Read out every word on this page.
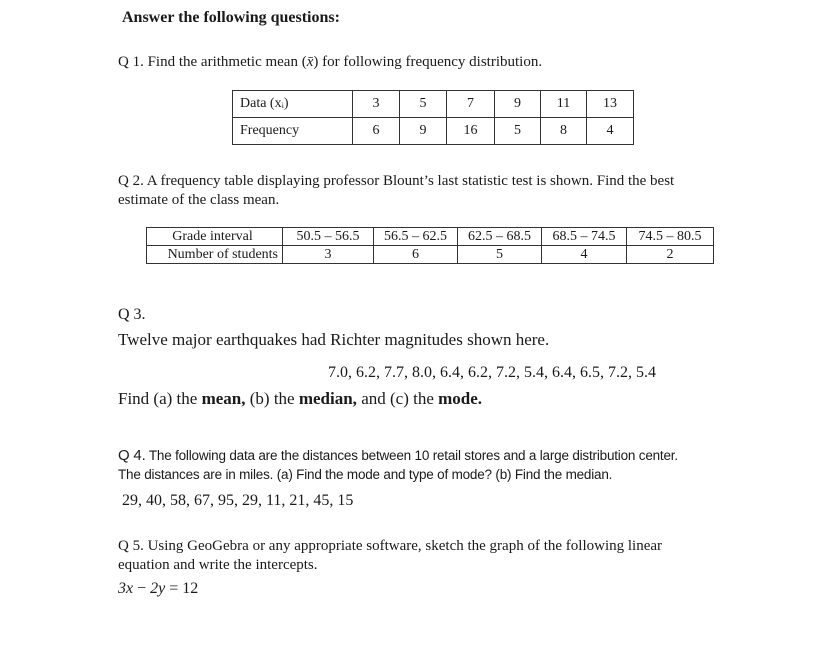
Answer the following questions:
Q 1. Find the arithmetic mean (x̄) for following frequency distribution.
Data (xᵢ)	3	5	7	9	11	13
Frequency	6	9	16	5	8	4
Q 2. A frequency table displaying professor Blount’s last statistic test is shown. Find the best
estimate of the class mean.
Grade interval	50.5 – 56.5	56.5 – 62.5	62.5 – 68.5	68.5 – 74.5	74.5 – 80.5
Number of students	3	6	5	4	2
Q 3.
Twelve major earthquakes had Richter magnitudes shown here.
7.0, 6.2, 7.7, 8.0, 6.4, 6.2, 7.2, 5.4, 6.4, 6.5, 7.2, 5.4
Find (a) the mean, (b) the median, and (c) the mode.
Q 4. The following data are the distances between 10 retail stores and a large distribution center.
The distances are in miles. (a) Find the mode and type of mode? (b) Find the median.
29, 40, 58, 67, 95, 29, 11, 21, 45, 15
Q 5. Using GeoGebra or any appropriate software, sketch the graph of the following linear
equation and write the intercepts.
3x − 2y = 12
